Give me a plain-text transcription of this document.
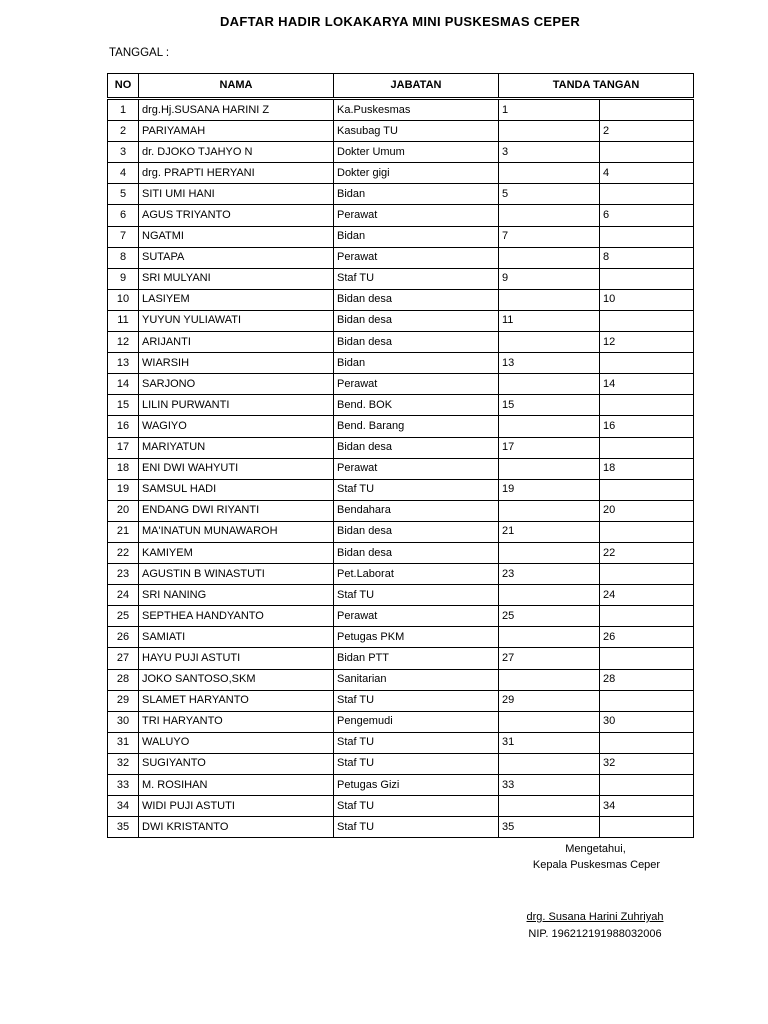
DAFTAR HADIR LOKAKARYA MINI PUSKESMAS CEPER
TANGGAL :
NO	NAMA	JABATAN	TANDA TANGAN	
1	drg.Hj.SUSANA HARINI Z	Ka.Puskesmas	1	
2	PARIYAMAH	Kasubag TU		2
3	dr. DJOKO TJAHYO N	Dokter Umum	3	
4	drg. PRAPTI HERYANI	Dokter gigi		4
5	SITI UMI HANI	Bidan	5	
6	AGUS TRIYANTO	Perawat		6
7	NGATMI	Bidan	7	
8	SUTAPA	Perawat		8
9	SRI MULYANI	Staf TU	9	
10	LASIYEM	Bidan desa		10
11	YUYUN YULIAWATI	Bidan desa	11	
12	ARIJANTI	Bidan desa		12
13	WIARSIH	Bidan	13	
14	SARJONO	Perawat		14
15	LILIN PURWANTI	Bend. BOK	15	
16	WAGIYO	Bend. Barang		16
17	MARIYATUN	Bidan desa	17	
18	ENI DWI WAHYUTI	Perawat		18
19	SAMSUL HADI	Staf TU	19	
20	ENDANG DWI RIYANTI	Bendahara		20
21	MA'INATUN MUNAWAROH	Bidan desa	21	
22	KAMIYEM	Bidan desa		22
23	AGUSTIN B WINASTUTI	Pet.Laborat	23	
24	SRI NANING	Staf TU		24
25	SEPTHEA HANDYANTO	Perawat	25	
26	SAMIATI	Petugas PKM		26
27	HAYU PUJI ASTUTI	Bidan PTT	27	
28	JOKO SANTOSO,SKM	Sanitarian		28
29	SLAMET HARYANTO	Staf TU	29	
30	TRI HARYANTO	Pengemudi		30
31	WALUYO	Staf TU	31	
32	SUGIYANTO	Staf TU		32
33	M. ROSIHAN	Petugas Gizi	33	
34	WIDI PUJI ASTUTI	Staf TU		34
35	DWI KRISTANTO	Staf TU	35	
Mengetahui,
Kepala Puskesmas Ceper
drg. Susana Harini Zuhriyah
NIP. 196212191988032006
